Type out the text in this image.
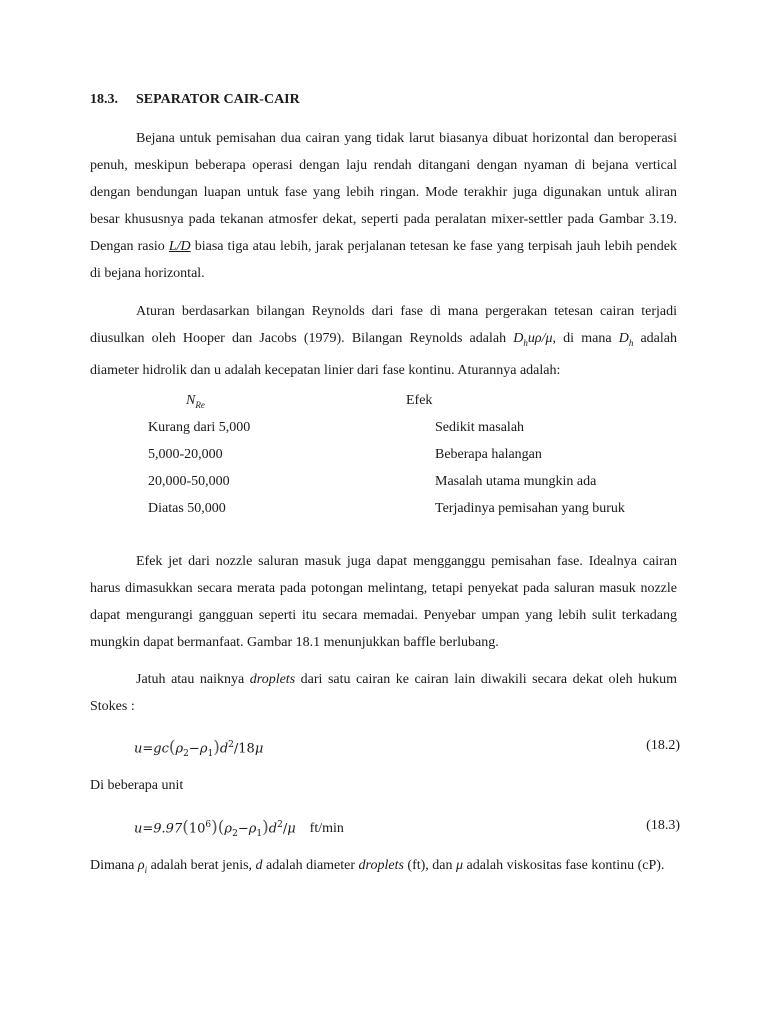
18.3. SEPARATOR CAIR-CAIR

Bejana untuk pemisahan dua cairan yang tidak larut biasanya dibuat horizontal dan beroperasi penuh, meskipun beberapa operasi dengan laju rendah ditangani dengan nyaman di bejana vertical dengan bendungan luapan untuk fase yang lebih ringan. Mode terakhir juga digunakan untuk aliran besar khususnya pada tekanan atmosfer dekat, seperti pada peralatan mixer-settler pada Gambar 3.19. Dengan rasio L/D biasa tiga atau lebih, jarak perjalanan tetesan ke fase yang terpisah jauh lebih pendek di bejana horizontal.

Aturan berdasarkan bilangan Reynolds dari fase di mana pergerakan tetesan cairan terjadi diusulkan oleh Hooper dan Jacobs (1979). Bilangan Reynolds adalah $D_hu\rho/\mu$, di mana $D_h$ adalah diameter hidrolik dan u adalah kecepatan linier dari fase kontinu. Aturannya adalah:

$N_{Re}$
Kurang dari 5,000
5,000-20,000
20,000-50,000
Diatas 50,000
Efek
Sedikit masalah
Beberapa halangan
Masalah utama mungkin ada
Terjadinya pemisahan yang buruk

Efek jet dari nozzle saluran masuk juga dapat mengganggu pemisahan fase. Idealnya cairan harus dimasukkan secara merata pada potongan melintang, tetapi penyekat pada saluran masuk nozzle dapat mengurangi gangguan seperti itu secara memadai. Penyebar umpan yang lebih sulit terkadang mungkin dapat bermanfaat. Gambar 18.1 menunjukkan baffle berlubang.

Jatuh atau naiknya droplets dari satu cairan ke cairan lain diwakili secara dekat oleh hukum Stokes :

$u=gc(\rho_2-\rho_1)d^2/18\mu$	(18.2)

Di beberapa unit

$u=9.97(10^6)(\rho_2-\rho_1)d^2/\mu$ ft/min	(18.3)

Dimana $\rho_i$ adalah berat jenis, d adalah diameter droplets (ft), dan μ adalah viskositas fase kontinu (cP).
